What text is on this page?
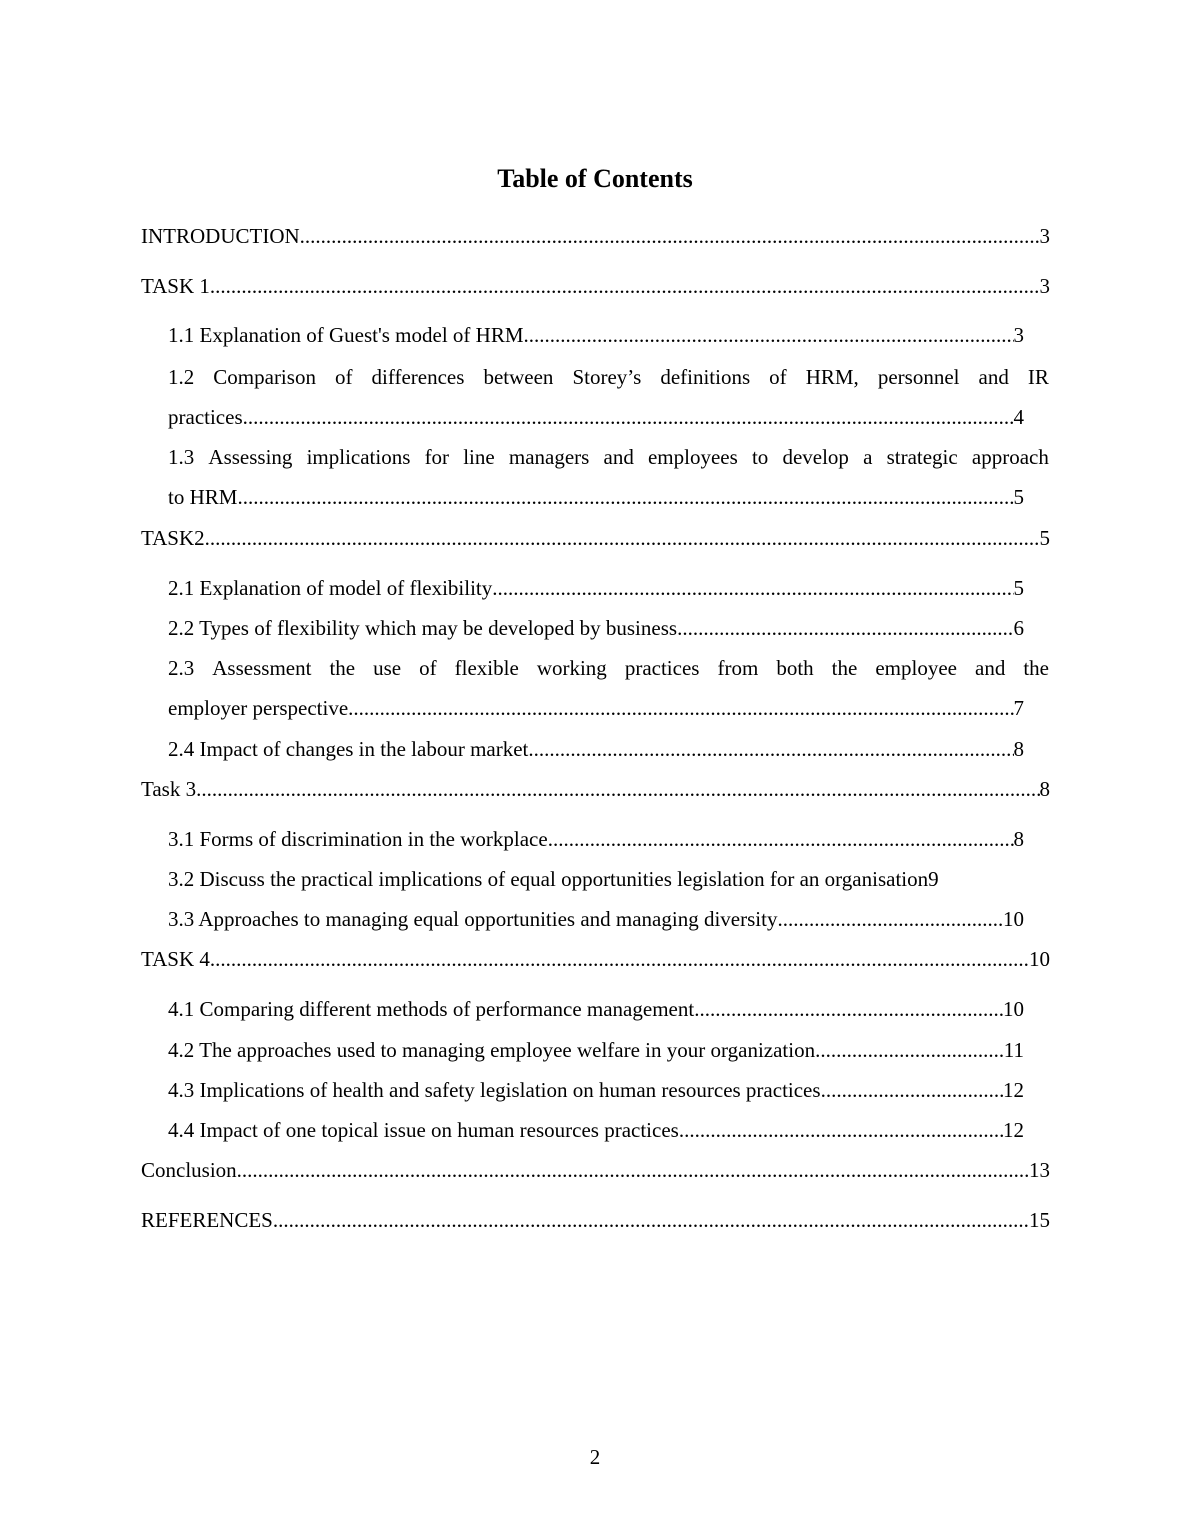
Table of Contents
INTRODUCTION .....	3
TASK 1 .....	3
1.1 Explanation of Guest's model of HRM .....	3
1.2 Comparison of differences between Storey’s definitions of HRM, personnel and IR
practices .....	4
1.3 Assessing implications for line managers and employees to develop a strategic approach
to HRM .....	5
TASK2 .....	5
2.1 Explanation of model of flexibility .....	5
2.2 Types of flexibility which may be developed by business .....	6
2.3 Assessment the use of flexible working practices from both the employee and the
employer perspective .....	7
2.4 Impact of changes in the labour market .....	8
Task 3 .....	8
3.1 Forms of discrimination in the workplace .....	8
3.2 Discuss the practical implications of equal opportunities legislation for an organisation 9
3.3 Approaches to managing equal opportunities and managing diversity .....	10
TASK 4 .....	10
4.1 Comparing different methods of performance management .....	10
4.2 The approaches used to managing employee welfare in your organization .....	11
4.3 Implications of health and safety legislation on human resources practices .....	12
4.4 Impact of one topical issue on human resources practices .....	12
Conclusion .....	13
REFERENCES .....	15
2
